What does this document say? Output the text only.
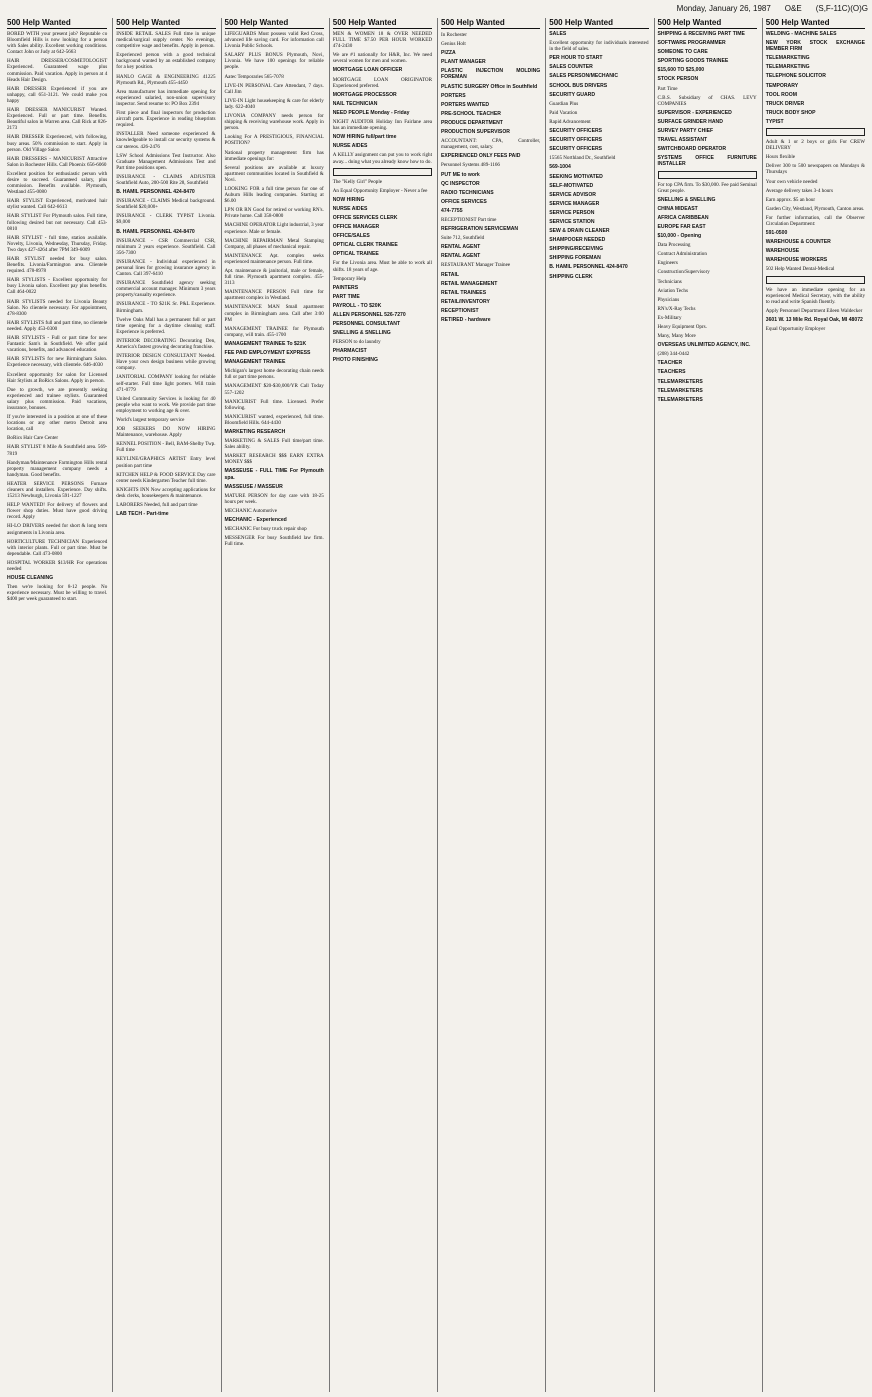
Monday, January 26, 1987 O&E (S,F-11C)(O)G
500 Help Wanted
BORED WITH your present job? Reputable co Bloomfield Hills is now looking for a person with Sales ability. Excellent working conditions. Contact John or Judy at 642-5663
HAIR DRESSER/COSMETOLOGIST Experienced. Guaranteed wage plus commission. Paid vacation. Apply in person at 4 Heads Hair Design.
HAIR DRESSER Experienced if you are unhappy, call 651-3121. We could make you happy
HAIR DRESSER MANICURIST Wanted. Experienced. Full or part time. Benefits. Beautiful salon in Warren area. Call Rick at 826-2173
HAIR DRESSER Experienced, with following, busy areas. 50% commission to start. Apply in person. Old Village Salon
HAIR DRESSERS - MANICURIST Attractive Salon in Rochester Hills. Call Phoenix 656-6060
Excellent position for enthusiastic person with desire to succeed. Guaranteed salary, plus commission. Benefits available. Plymouth, Westland 455-0080
HAIR STYLIST Experienced, motivated hair stylist wanted. Call 642-6613
HAIR STYLIST For Plymouth salon. Full time, following desired but not necessary. Call 453-0810
HAIR STYLIST - full time, station available. Novelty, Livonia, Wednesday, Thursday, Friday. Two days 427-4264 after 7PM 349-6009
HAIR STYLIST needed for busy salon. Benefits. Livonia/Farmington area. Clientele required. 478-8978
HAIR STYLISTS - Excellent opportunity for busy Livonia salon. Excellent pay plus benefits. Call 464-0022
HAIR STYLISTS needed for Livonia Beauty Salon. No clientele necessary. For appointment, 478-8300
HAIR STYLISTS full and part time, no clientele needed. Apply 453-0300
HAIR STYLISTS - Full or part time for new Fantastic Sam's in Southfield. We offer paid vacations, benefits, and advanced education
HAIR STYLISTS for new Birmingham Salon. Experience necessary, with clientele. 646-4030
Excellent opportunity for salon for Licensed Hair Stylists at BoRics Salons. Apply in person.
Due to growth, we are presently seeking experienced and trainee stylists. Guaranteed salary plus commission. Paid vacations, insurance, bonuses.
If you're interested in a position at one of these locations or any other metro Detroit area location, call
BoRics Hair Care Center
HAIR STYLIST 8 Mile & Southfield area. 569-7819
Handyman/Maintenance Farmington Hills rental property management company needs a handyman. Good benefits.
HEATER SERVICE PERSONS Furnace cleaners and installers. Experience. Day shifts. 15213 Newburgh, Livonia 591-1227
HELP WANTED! For delivery of flowers and flower shop duties. Must have good driving record. Apply
HI-LO DRIVERS needed for short & long term assignments in Livonia area.
HORTICULTURE TECHNICIAN Experienced with interior plants. Full or part time. Must be dependable. Call 473-0800
HOSPITAL WORKER $13/HR For operations needed
HOUSE CLEANING
Then we're looking for 8-12 people. No experience necessary. Must be willing to travel. $400 per week guaranteed to start.
500 Help Wanted
INSIDE RETAIL SALES Full time in unique medical/surgical supply center. No evenings, competitive wage and benefits. Apply in person.
Experienced person with a good technical background wanted by an established company for a key position.
HANLO GAGE & ENGINEERING 41225 Plymouth Rd., Plymouth 455-4450
Area manufacturer has immediate opening for experienced salaried, non-union supervisory inspector. Send resume to: PO Box 2394
First piece and final inspectors for production aircraft parts. Experience in reading blueprints required.
INSTALLER Need someone experienced & knowledgeable to install car security systems & car stereos. 426-2476
LSW School Admissions Test Instructor. Also Graduate Management Admissions Test and Part time positions open.
INSURANCE - CLAIMS ADJUSTER Southfield Auto, 200-500 Rite 28, Southfield
B. HAMIL PERSONNEL 424-8470
INSURANCE - CLAIMS Medical background. Southfield $20,000+
INSURANCE - CLERK TYPIST Livonia. $9,000
B. HAMIL PERSONNEL 424-8470
INSURANCE - CSR Commercial CSR, minimum 2 years experience. Southfield. Call 356-7300
INSURANCE - Individual experienced in personal lines for growing insurance agency in Canton. Call 397-6410
INSURANCE Southfield agency seeking commercial account manager. Minimum 3 years property/casualty experience.
INSURANCE - TO $21K Sr. P&L Experience. Birmingham.
Twelve Oaks Mall has a permanent full or part time opening for a daytime cleaning staff. Experience is preferred.
INTERIOR DECORATING Decorating Den, America's fastest growing decorating franchise.
INTERIOR DESIGN CONSULTANT Needed. Have your own design business while growing company.
JANITORIAL COMPANY looking for reliable self-starter. Full time light porters. Will train 471-0779
United Community Services is looking for 40 people who want to work. We provide part time employment to working age & over.
World's largest temporary service
JOB SEEKERS DO NOW HIRING Maintenance, warehouse. Apply
KENNEL POSITION - Bell, BAM-Shelby Twp. Full time
KEYLINE/GRAPHICS ARTIST Entry level position part time
KITCHEN HELP & FOOD SERVICE Day care center needs Kindergarten Teacher full time.
KNIGHTS INN Now accepting applications for desk clerks, housekeepers & maintenance.
LABORERS Needed, full and part time
LAB TECH - Part-time
500 Help Wanted
LIFEGUARDS Must possess valid Red Cross, advanced life saving card. For information call Livonia Public Schools.
SALARY PLUS BONUS Plymouth, Novi, Livonia. We have 100 openings for reliable people.
Aatec Temporaries 565-7078
LIVE-IN PERSONAL Care Attendant, 7 days. Call Jim
LIVE-IN Light housekeeping & care for elderly lady. 622-4040
LIVONIA COMPANY needs person for shipping & receiving warehouse work. Apply in person.
Looking For A PRESTIGIOUS, FINANCIAL POSITION?
National property management firm has immediate openings for:
Several positions are available at luxury apartment communities located in Southfield & Novi.
LOOKING FOR a full time person for one of Auburn Hills leading companies. Starting at $6.00
LPN OR RN Good for retired or working RN's. Private home. Call 358-0800
MACHINE OPERATOR Light industrial, 3 year experience. Male or female.
MACHINE REPAIRMAN Metal Stamping Company, all phases of mechanical repair.
MAINTENANCE Apt. complex seeks experienced maintenance person. Full time.
Apt. maintenance & janitorial, male or female, full time. Plymouth apartment complex. 455-3113
MAINTENANCE PERSON Full time for apartment complex in Westland.
MAINTENANCE MAN Small apartment complex in Birmingham area. Call after 3:00 PM
MANAGEMENT TRAINEE for Plymouth company, will train. 455-1700
MANAGEMENT TRAINEE To $21K
FEE PAID EMPLOYMENT EXPRESS
MANAGEMENT TRAINEE
Michigan's largest home decorating chain needs full or part time persons.
MANAGEMENT $20-$30,000/YR Call Today 557-1202
MANICURIST Full time. Licensed. Prefer following.
MANICURIST wanted, experienced, full time. Bloomfield Hills. 644-4430
MARKETING RESEARCH
MARKETING & SALES Full time/part time. Sales ability.
MARKET RESEARCH $$$ EARN EXTRA MONEY $$$
MASSEUSE - FULL TIME For Plymouth spa.
MASSEUSE / MASSEUR
MATURE PERSON for day care with 18-25 hours per week.
MECHANIC Automotive
MECHANIC - Experienced
MECHANIC For busy truck repair shop
MESSENGER For busy Southfield law firm. Full time.
500 Help Wanted
MEN & WOMEN 18 & OVER NEEDED FULL TIME $7.50 PER HOUR WORKED 474-2430
We are #1 nationally for H&R, Inc. We need several women for men and women.
MORTGAGE LOAN OFFICER
MORTGAGE LOAN ORIGINATOR Experienced preferred.
MORTGAGE PROCESSOR
NAIL TECHNICIAN
NEED PEOPLE Monday - Friday
NIGHT AUDITOR Holiday Inn Fairlane area has an immediate opening.
NOW HIRING full/part time
NURSE AIDES
A KELLY assignment can put you to work right away... doing what you already know how to do.
The "Kelly Girl" People
An Equal Opportunity Employer - Never a fee
NOW HIRING
NURSE AIDES
OFFICE SERVICES CLERK
OFFICE MANAGER
OFFICE/SALES
OPTICAL CLERK TRAINEE
OPTICAL TRAINEE
For the Livonia area. Must be able to work all shifts. 18 years of age.
Temporary Help
PAINTERS
PART TIME
PAYROLL - TO $20K
ALLEN PERSONNEL 526-7270
PERSONNEL CONSULTANT
SNELLING & SNELLING
PERSON to do laundry
PHARMACIST
PHOTO FINISHING
500 Help Wanted
In Rochester
Genius Holt
PIZZA
PLANT MANAGER
PLASTIC INJECTION MOLDING FOREMAN
PLASTIC SURGERY Office in Southfield
PORTERS
PORTERS WANTED
PRE-SCHOOL TEACHER
PRODUCE DEPARTMENT
PRODUCTION SUPERVISOR
ACCOUNTANT: CPA, Controller, management, cost, salary.
EXPERIENCED ONLY FEES PAID
Personnel Systems 489-1166
PUT ME to work
QC INSPECTOR
RADIO TECHNICIANS
OFFICE SERVICES
474-7755
RECEPTIONIST Part time
REFRIGERATION SERVICEMAN
Suite 712, Southfield
RENTAL AGENT
RENTAL AGENT
RESTAURANT Manager Trainee
RETAIL
RETAIL MANAGEMENT
RETAIL TRAINEES
RETAIL/INVENTORY
RECEPTIONIST
RETIRED - hardware
500 Help Wanted
SALES
Excellent opportunity for individuals interested in the field of sales.
PER HOUR TO START
SALES COUNTER
SALES PERSON/MECHANIC
SCHOOL BUS DRIVERS
SECURITY GUARD
Guardian Plus
Paid Vacation
Rapid Advancement
SECURITY OFFICERS
SECURITY OFFICERS
SECURITY OFFICERS
15565 Northland Dr., Southfield
569-1004
SEEKING MOTIVATED
SELF-MOTIVATED
SERVICE ADVISOR
SERVICE MANAGER
SERVICE PERSON
SERVICE STATION
SEW & DRAIN CLEANER
SHAMPOOER NEEDED
SHIPPING/RECEIVING
SHIPPING FOREMAN
B. HAMIL PERSONNEL 424-8470
SHIPPING CLERK
500 Help Wanted
SHIPPING & RECEIVING PART TIME
SOFTWARE PROGRAMMER
SOMEONE TO CARE
SPORTING GOODS TRAINEE
$15,600 TO $25,000
STOCK PERSON
Part Time
C.B.S. Subsidiary of CHAS. LEVY COMPANIES
SUPERVISOR - EXPERIENCED
SURFACE GRINDER HAND
SURVEY PARTY CHIEF
TRAVEL ASSISTANT
SWITCHBOARD OPERATOR
SYSTEMS OFFICE FURNITURE INSTALLER
For top CPA firm. To $30,000. Fee paid Seminal Great people.
SNELLING & SNELLING
CHINA MIDEAST
AFRICA CARIBBEAN
EUROPE FAR EAST
$10,000 - Opening
Data Processing
Contract Administration
Engineers
Construction/Supervisory
Technicians
Aviation Techs
Physicians
RN's/X-Ray Techs
Ex-Military
Heavy Equipment Oprs.
Many, Many More
OVERSEAS UNLIMITED AGENCY, INC.
(208) 344-0442
TEACHER
TEACHERS
TELEMARKETERS
TELEMARKETERS
TELEMARKETERS
500 Help Wanted
WELDING - MACHINE SALES
NEW YORK STOCK EXCHANGE MEMBER FIRM
TELEMARKETING
TELEMARKETING
TELEPHONE SOLICITOR
TEMPORARY
TOOL ROOM
TRUCK DRIVER
TRUCK BODY SHOP
TYPIST
Adult & 1 or 2 boys or girls For CREW DELIVERY
Hours flexible
Deliver 300 to 500 newspapers on Mondays & Thursdays
Your own vehicle needed
Average delivery takes 3-4 hours
Earn approx. $5 an hour
Garden City, Westland, Plymouth, Canton areas.
For further information, call the Observer Circulation Department:
591-0500
WAREHOUSE & COUNTER
WAREHOUSE
WAREHOUSE WORKERS
502 Help Wanted Dental-Medical
We have an immediate opening for an experienced Medical Secretary, with the ability to read and write Spanish fluently.
Apply Personnel Department Eileen Waldecker
3601 W. 13 Mile Rd. Royal Oak, MI 48072
Equal Opportunity Employer
